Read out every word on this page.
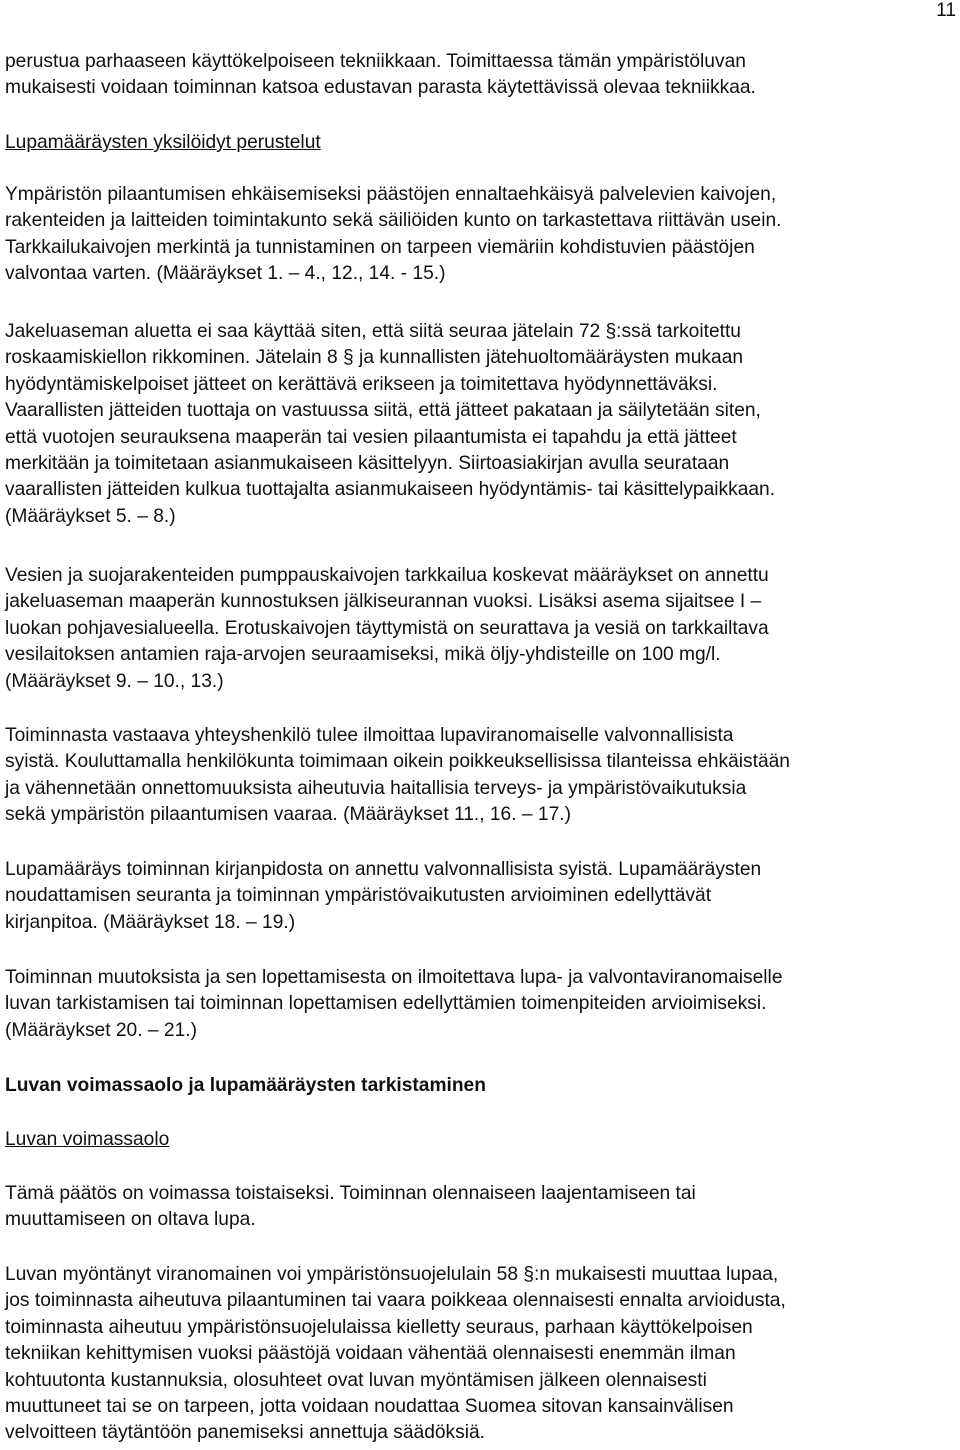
11

perustua parhaaseen käyttökelpoiseen tekniikkaan. Toimittaessa tämän ympäristöluvan
mukaisesti voidaan toiminnan katsoa edustavan parasta käytettävissä olevaa tekniikkaa.

Lupamääräysten yksilöidyt perustelut

Ympäristön pilaantumisen ehkäisemiseksi päästöjen ennaltaehkäisyä palvelevien kaivojen,
rakenteiden ja laitteiden toimintakunto sekä säiliöiden kunto on tarkastettava riittävän usein.
Tarkkailukaivojen merkintä ja tunnistaminen on tarpeen viemäriin kohdistuvien päästöjen
valvontaa varten. (Määräykset 1. – 4., 12., 14. - 15.)

Jakeluaseman aluetta ei saa käyttää siten, että siitä seuraa jätelain 72 §:ssä tarkoitettu
roskaamiskiellon rikkominen. Jätelain 8 § ja kunnallisten jätehuoltomääräysten mukaan
hyödyntämiskelpoiset jätteet on kerättävä erikseen ja toimitettava hyödynnettäväksi.
Vaarallisten jätteiden tuottaja on vastuussa siitä, että jätteet pakataan ja säilytetään siten,
että vuotojen seurauksena maaperän tai vesien pilaantumista ei tapahdu ja että jätteet
merkitään ja toimitetaan asianmukaiseen käsittelyyn. Siirtoasiakirjan avulla seurataan
vaarallisten jätteiden kulkua tuottajalta asianmukaiseen hyödyntämis- tai käsittelypaikkaan.
(Määräykset 5. – 8.)

Vesien ja suojarakenteiden pumppauskaivojen tarkkailua koskevat määräykset on annettu
jakeluaseman maaperän kunnostuksen jälkiseurannan vuoksi. Lisäksi asema sijaitsee I –
luokan pohjavesialueella. Erotuskaivojen täyttymistä on seurattava ja vesiä on tarkkailtava
vesilaitoksen antamien raja-arvojen seuraamiseksi, mikä öljy-yhdisteille on 100 mg/l.
(Määräykset 9. – 10., 13.)

Toiminnasta vastaava yhteyshenkilö tulee ilmoittaa lupaviranomaiselle valvonnallisista
syistä. Kouluttamalla henkilökunta toimimaan oikein poikkeuksellisissa tilanteissa ehkäistään
ja vähennetään onnettomuuksista aiheutuvia haitallisia terveys- ja ympäristövaikutuksia
sekä ympäristön pilaantumisen vaaraa. (Määräykset 11., 16. – 17.)

Lupamääräys toiminnan kirjanpidosta on annettu valvonnallisista syistä. Lupamääräysten
noudattamisen seuranta ja toiminnan ympäristövaikutusten arvioiminen edellyttävät
kirjanpitoa. (Määräykset 18. – 19.)

Toiminnan muutoksista ja sen lopettamisesta on ilmoitettava lupa- ja valvontaviranomaiselle
luvan tarkistamisen tai toiminnan lopettamisen edellyttämien toimenpiteiden arvioimiseksi.
(Määräykset 20. – 21.)

Luvan voimassaolo ja lupamääräysten tarkistaminen

Luvan voimassaolo

Tämä päätös on voimassa toistaiseksi. Toiminnan olennaiseen laajentamiseen tai
muuttamiseen on oltava lupa.

Luvan myöntänyt viranomainen voi ympäristönsuojelulain 58 §:n mukaisesti muuttaa lupaa,
jos toiminnasta aiheutuva pilaantuminen tai vaara poikkeaa olennaisesti ennalta arvioidusta,
toiminnasta aiheutuu ympäristönsuojelulaissa kielletty seuraus, parhaan käyttökelpoisen
tekniikan kehittymisen vuoksi päästöjä voidaan vähentää olennaisesti enemmän ilman
kohtuutonta kustannuksia, olosuhteet ovat luvan myöntämisen jälkeen olennaisesti
muuttuneet tai se on tarpeen, jotta voidaan noudattaa Suomea sitovan kansainvälisen
velvoitteen täytäntöön panemiseksi annettuja säädöksiä.
